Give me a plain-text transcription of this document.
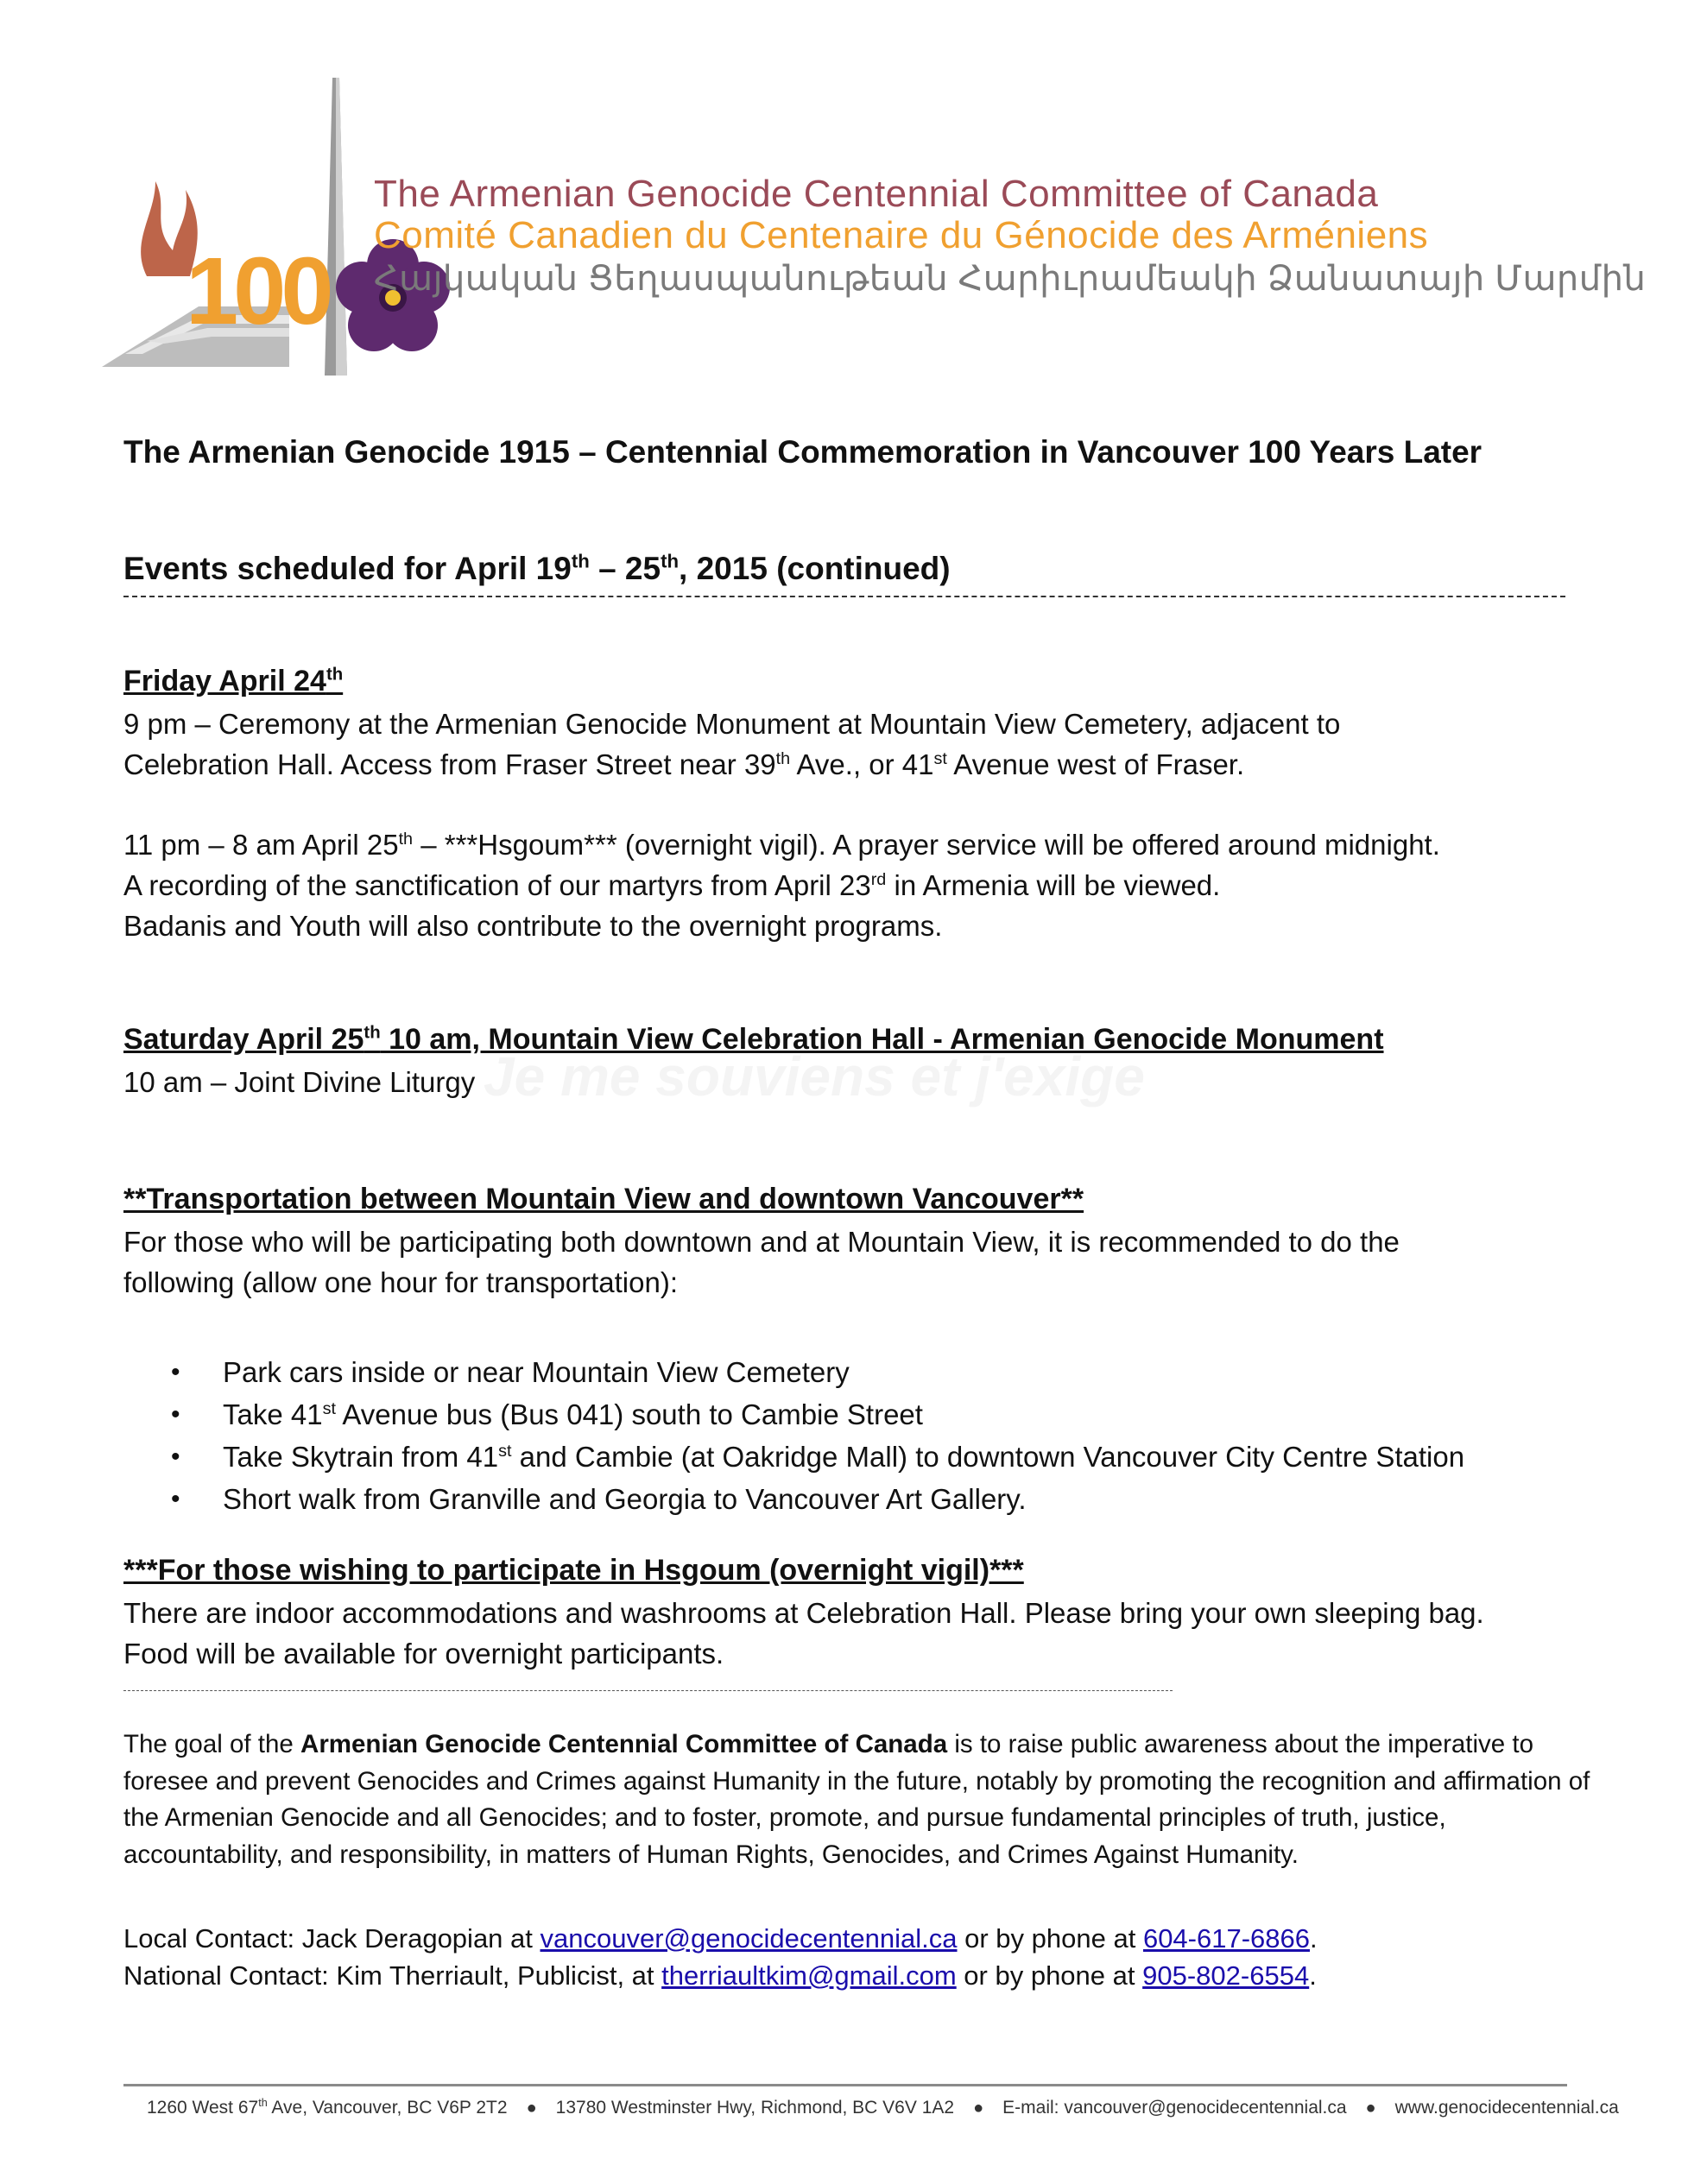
Je me souviens et j'exige
100
The Armenian Genocide Centennial Committee of Canada
Comité Canadien du Centenaire du Génocide des Arméniens
Հայկական Ցեղասպանութեան Հարիւրամեակի Ձանատայի Մարմին
The Armenian Genocide 1915 – Centennial Commemoration in Vancouver 100 Years Later
Events scheduled for April 19th – 25th, 2015 (continued)
Friday April 24th
9 pm – Ceremony at the Armenian Genocide Monument at Mountain View Cemetery, adjacent to
Celebration Hall. Access from Fraser Street near 39th Ave., or 41st Avenue west of Fraser.
11 pm – 8 am April 25th – ***Hsgoum*** (overnight vigil). A prayer service will be offered around midnight.
A recording of the sanctification of our martyrs from April 23rd in Armenia will be viewed.
Badanis and Youth will also contribute to the overnight programs.
Saturday April 25th 10 am, Mountain View Celebration Hall - Armenian Genocide Monument
10 am – Joint Divine Liturgy
**Transportation between Mountain View and downtown Vancouver**
For those who will be participating both downtown and at Mountain View, it is recommended to do the
following (allow one hour for transportation):
• Park cars inside or near Mountain View Cemetery
• Take 41st Avenue bus (Bus 041) south to Cambie Street
• Take Skytrain from 41st and Cambie (at Oakridge Mall) to downtown Vancouver City Centre Station
• Short walk from Granville and Georgia to Vancouver Art Gallery.
***For those wishing to participate in Hsgoum (overnight vigil)***
There are indoor accommodations and washrooms at Celebration Hall. Please bring your own sleeping bag.
Food will be available for overnight participants.
The goal of the Armenian Genocide Centennial Committee of Canada is to raise public awareness about the imperative to foresee and prevent Genocides and Crimes against Humanity in the future, notably by promoting the recognition and affirmation of the Armenian Genocide and all Genocides; and to foster, promote, and pursue fundamental principles of truth, justice, accountability, and responsibility, in matters of Human Rights, Genocides, and Crimes Against Humanity.
Local Contact: Jack Deragopian at vancouver@genocidecentennial.ca or by phone at 604-617-6866.
National Contact: Kim Therriault, Publicist, at therriaultkim@gmail.com or by phone at 905-802-6554.
1260 West 67th Ave, Vancouver, BC V6P 2T2 ● 13780 Westminster Hwy, Richmond, BC V6V 1A2 ● E-mail: vancouver@genocidecentennial.ca ● www.genocidecentennial.ca
